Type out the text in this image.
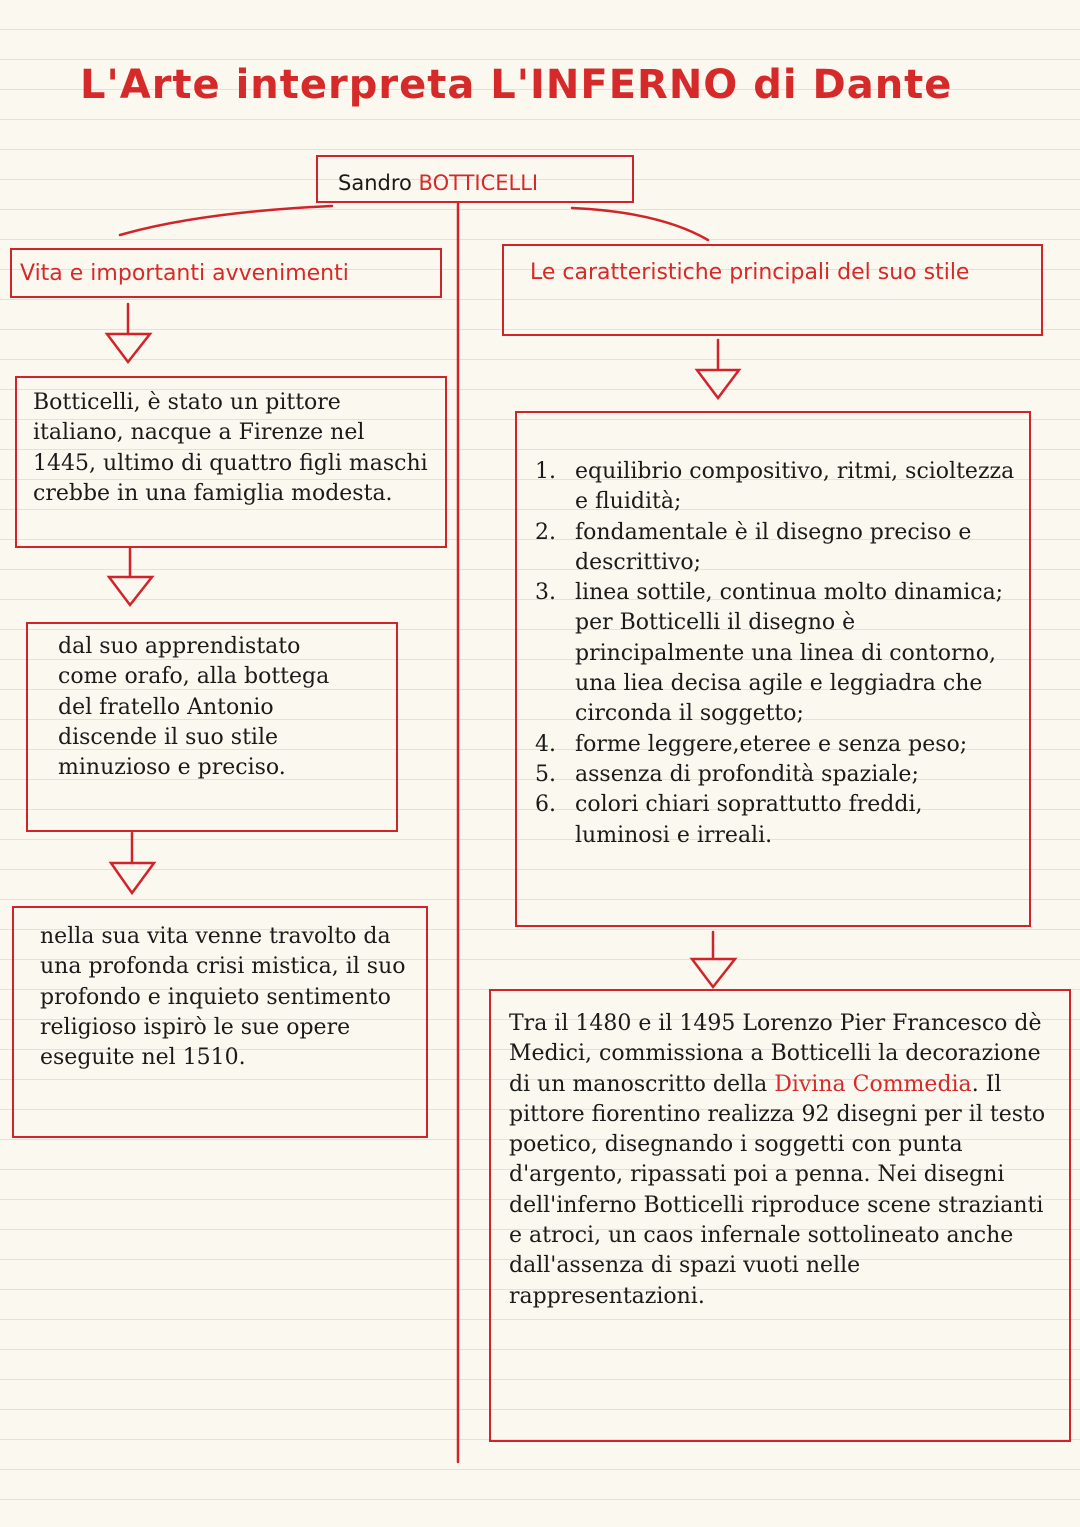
L'Arte interpreta L'INFERNO di Dante
Sandro BOTTICELLI
Vita e importanti avvenimenti
Botticelli, è stato un pittore italiano, nacque a Firenze nel 1445, ultimo di quattro figli maschi crebbe in una famiglia modesta.
dal suo apprendistato come orafo, alla bottega del fratello Antonio discende il suo stile minuzioso e preciso.
nella sua vita venne travolto da una profonda crisi mistica, il suo profondo e inquieto sentimento religioso ispirò le sue opere eseguite nel 1510.
Le caratteristiche principali del suo stile
1. equilibrio compositivo, ritmi, scioltezza e fluidità;
2. fondamentale è il disegno preciso e descrittivo;
3. linea sottile, continua molto dinamica; per Botticelli il disegno è principalmente una linea di contorno, una liea decisa agile e leggiadra che circonda il soggetto;
4. forme leggere,eteree e senza peso;
5. assenza di profondità spaziale;
6. colori chiari soprattutto freddi, luminosi e irreali.
Tra il 1480 e il 1495 Lorenzo Pier Francesco dè Medici, commissiona a Botticelli la decorazione di un manoscritto della Divina Commedia. Il pittore fiorentino realizza 92 disegni per il testo poetico, disegnando i soggetti con punta d'argento, ripassati poi a penna. Nei disegni dell'inferno Botticelli riproduce scene strazianti e atroci, un caos infernale sottolineato anche dall'assenza di spazi vuoti nelle rappresentazioni.
